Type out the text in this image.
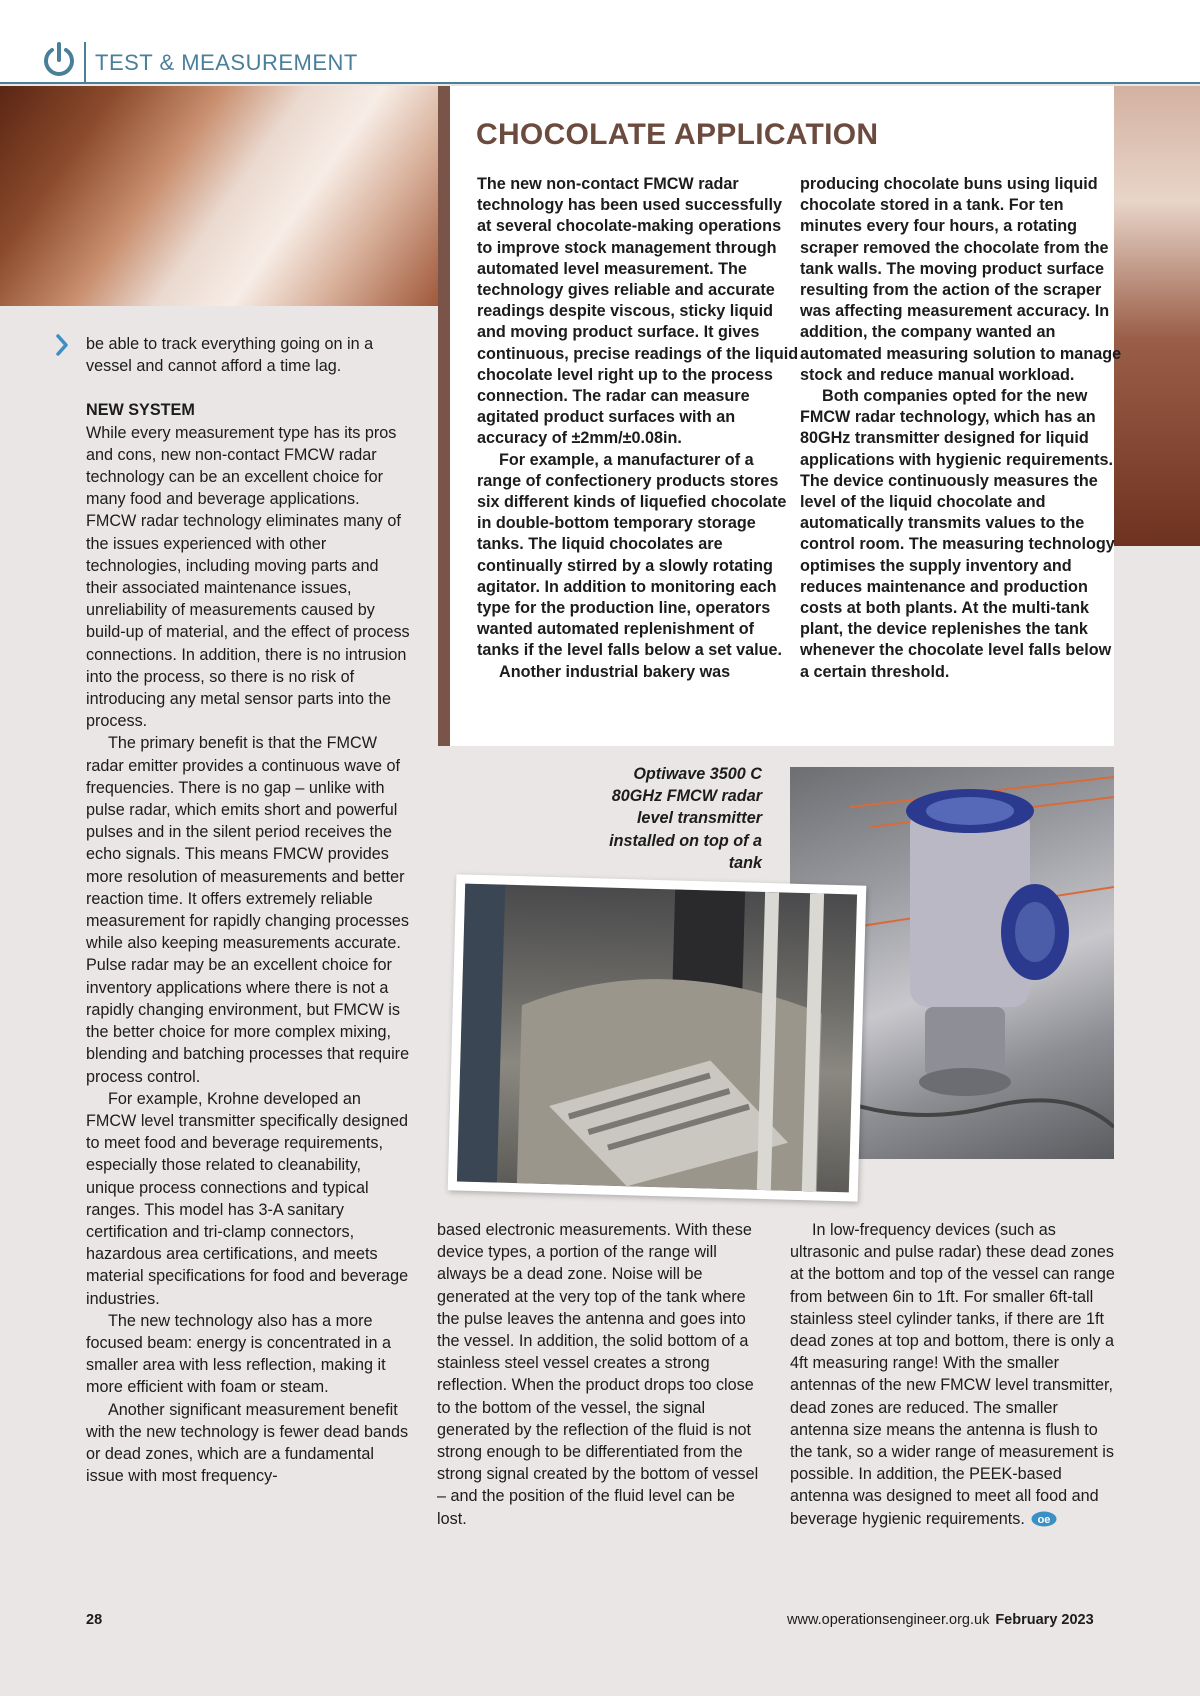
TEST & MEASUREMENT
CHOCOLATE APPLICATION

The new non-contact FMCW radar technology has been used successfully at several chocolate-making operations to improve stock management through automated level measurement. The technology gives reliable and accurate readings despite viscous, sticky liquid and moving product surface. It gives continuous, precise readings of the liquid chocolate level right up to the process connection. The radar can measure agitated product surfaces with an accuracy of ±2mm/±0.08in.

For example, a manufacturer of a range of confectionery products stores six different kinds of liquefied chocolate in double-bottom temporary storage tanks. The liquid chocolates are continually stirred by a slowly rotating agitator. In addition to monitoring each type for the production line, operators wanted automated replenishment of tanks if the level falls below a set value.

Another industrial bakery was

producing chocolate buns using liquid chocolate stored in a tank. For ten minutes every four hours, a rotating scraper removed the chocolate from the tank walls. The moving product surface resulting from the action of the scraper was affecting measurement accuracy. In addition, the company wanted an automated measuring solution to manage stock and reduce manual workload.

Both companies opted for the new FMCW radar technology, which has an 80GHz transmitter designed for liquid applications with hygienic requirements. The device continuously measures the level of the liquid chocolate and automatically transmits values to the control room. The measuring technology optimises the supply inventory and reduces maintenance and production costs at both plants. At the multi-tank plant, the device replenishes the tank whenever the chocolate level falls below a certain threshold.

be able to track everything going on in a vessel and cannot afford a time lag.

NEW SYSTEM

While every measurement type has its pros and cons, new non-contact FMCW radar technology can be an excellent choice for many food and beverage applications. FMCW radar technology eliminates many of the issues experienced with other technologies, including moving parts and their associated maintenance issues, unreliability of measurements caused by build-up of material, and the effect of process connections. In addition, there is no intrusion into the process, so there is no risk of introducing any metal sensor parts into the process.

The primary benefit is that the FMCW radar emitter provides a continuous wave of frequencies. There is no gap – unlike with pulse radar, which emits short and powerful pulses and in the silent period receives the echo signals. This means FMCW provides more resolution of measurements and better reaction time. It offers extremely reliable measurement for rapidly changing processes while also keeping measurements accurate. Pulse radar may be an excellent choice for inventory applications where there is not a rapidly changing environment, but FMCW is the better choice for more complex mixing, blending and batching processes that require process control.

For example, Krohne developed an FMCW level transmitter specifically designed to meet food and beverage requirements, especially those related to cleanability, unique process connections and typical ranges. This model has 3-A sanitary certification and tri-clamp connectors, hazardous area certifications, and meets material specifications for food and beverage industries.

The new technology also has a more focused beam: energy is concentrated in a smaller area with less reflection, making it more efficient with foam or steam.

Another significant measurement benefit with the new technology is fewer dead bands or dead zones, which are a fundamental issue with most frequency-

Optiwave 3500 C 80GHz FMCW radar level transmitter installed on top of a tank

based electronic measurements. With these device types, a portion of the range will always be a dead zone. Noise will be generated at the very top of the tank where the pulse leaves the antenna and goes into the vessel. In addition, the solid bottom of a stainless steel vessel creates a strong reflection. When the product drops too close to the bottom of the vessel, the signal generated by the reflection of the fluid is not strong enough to be differentiated from the strong signal created by the bottom of vessel – and the position of the fluid level can be lost.

In low-frequency devices (such as ultrasonic and pulse radar) these dead zones at the bottom and top of the vessel can range from between 6in to 1ft. For smaller 6ft-tall stainless steel cylinder tanks, if there are 1ft dead zones at top and bottom, there is only a 4ft measuring range! With the smaller antennas of the new FMCW level transmitter, dead zones are reduced. The smaller antenna size means the antenna is flush to the tank, so a wider range of measurement is possible. In addition, the PEEK-based antenna was designed to meet all food and beverage hygienic requirements. oe

28	www.operationsengineer.org.uk February 2023
